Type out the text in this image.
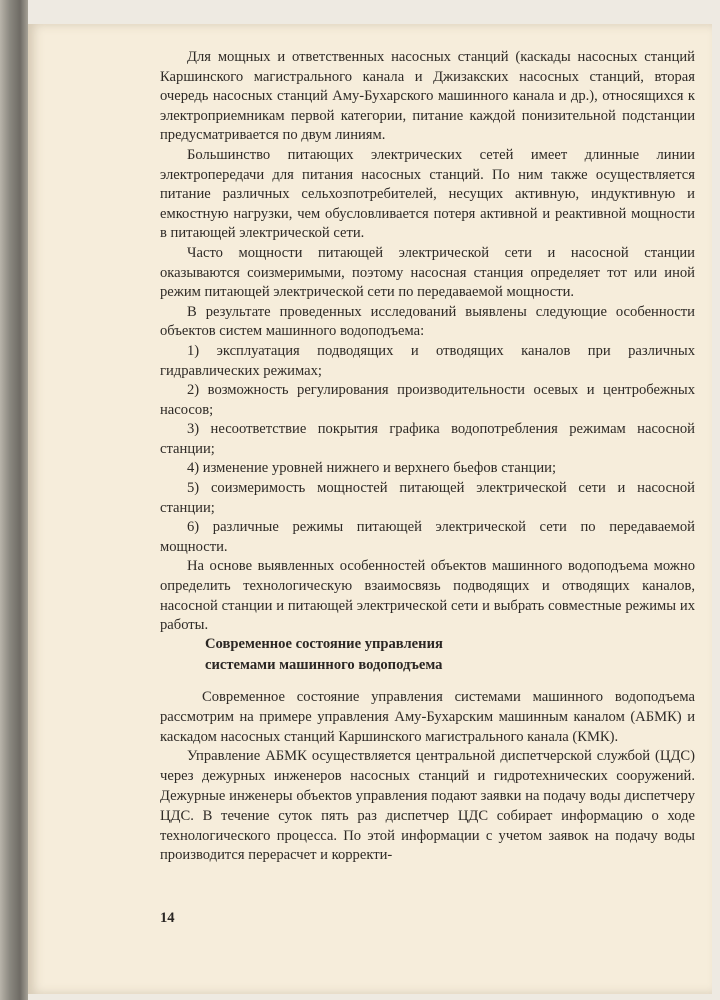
Для мощных и ответственных насосных станций (каскады насосных станций Каршинского магистрального канала и Джизакских насосных станций, вторая очередь насосных станций Аму-Бухарского машинного канала и др.), относящихся к электроприемникам первой категории, питание каждой понизительной подстанции предусматривается по двум линиям.

Большинство питающих электрических сетей имеет длинные линии электропередачи для питания насосных станций. По ним также осуществляется питание различных сельхозпотребителей, несущих активную, индуктивную и емкостную нагрузки, чем обусловливается потеря активной и реактивной мощности в питающей электрической сети.

Часто мощности питающей электрической сети и насосной станции оказываются соизмеримыми, поэтому насосная станция определяет тот или иной режим питающей электрической сети по передаваемой мощности.

В результате проведенных исследований выявлены следующие особенности объектов систем машинного водоподъема:

1) эксплуатация подводящих и отводящих каналов при различных гидравлических режимах;

2) возможность регулирования производительности осевых и центробежных насосов;

3) несоответствие покрытия графика водопотребления режимам насосной станции;

4) изменение уровней нижнего и верхнего бьефов станции;

5) соизмеримость мощностей питающей электрической сети и насосной станции;

6) различные режимы питающей электрической сети по передаваемой мощности.

На основе выявленных особенностей объектов машинного водоподъема можно определить технологическую взаимосвязь подводящих и отводящих каналов, насосной станции и питающей электрической сети и выбрать совместные режимы их работы.

Современное состояние управления
системами машинного водоподъема

Современное состояние управления системами машинного водоподъема рассмотрим на примере управления Аму-Бухарским машинным каналом (АБМК) и каскадом насосных станций Каршинского магистрального канала (КМК).

Управление АБМК осуществляется центральной диспетчерской службой (ЦДС) через дежурных инженеров насосных станций и гидротехнических сооружений. Дежурные инженеры объектов управления подают заявки на подачу воды диспетчеру ЦДС. В течение суток пять раз диспетчер ЦДС собирает информацию о ходе технологического процесса. По этой информации с учетом заявок на подачу воды производится перерасчет и корректи-

14
